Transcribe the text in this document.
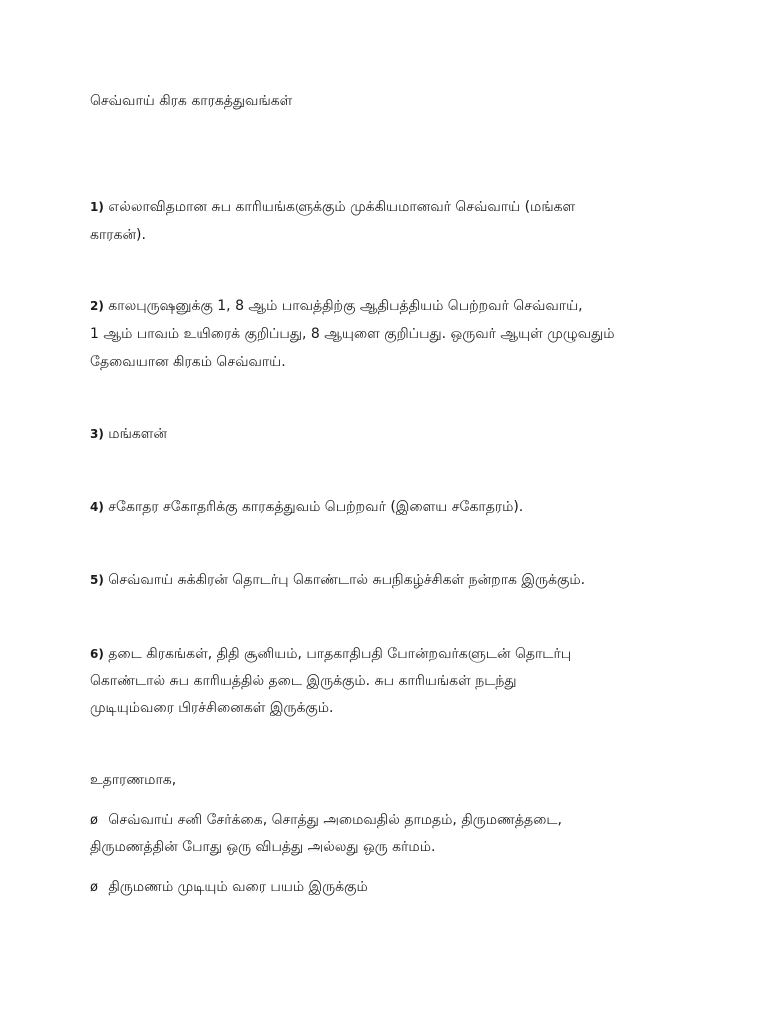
செவ்வாய் கிரக காரகத்துவங்கள்
1) எல்லாவிதமான சுப காரியங்களுக்கும் முக்கியமானவர் செவ்வாய் (மங்கள
காரகன்).
2) காலபுருஷனுக்கு 1, 8 ஆம் பாவத்திற்கு ஆதிபத்தியம் பெற்றவர் செவ்வாய்,
1 ஆம் பாவம் உயிரைக் குறிப்பது, 8 ஆயுளை குறிப்பது. ஒருவர் ஆயுள் முழுவதும்
தேவையான கிரகம் செவ்வாய்.
3) மங்களன்
4) சகோதர சகோதரிக்கு காரகத்துவம் பெற்றவர் (இளைய சகோதரம்).
5) செவ்வாய் சுக்கிரன் தொடர்பு கொண்டால் சுபநிகழ்ச்சிகள் நன்றாக இருக்கும்.
6) தடை கிரகங்கள், திதி சூனியம், பாதகாதிபதி போன்றவர்களுடன் தொடர்பு
கொண்டால் சுப காரியத்தில் தடை இருக்கும். சுப காரியங்கள் நடந்து
முடியும்வரை பிரச்சினைகள் இருக்கும்.
உதாரணமாக,
ø செவ்வாய் சனி சேர்க்கை, சொத்து அமைவதில் தாமதம், திருமணத்தடை,
திருமணத்தின் போது ஒரு விபத்து அல்லது ஒரு கர்மம்.
ø திருமணம் முடியும் வரை பயம் இருக்கும்
